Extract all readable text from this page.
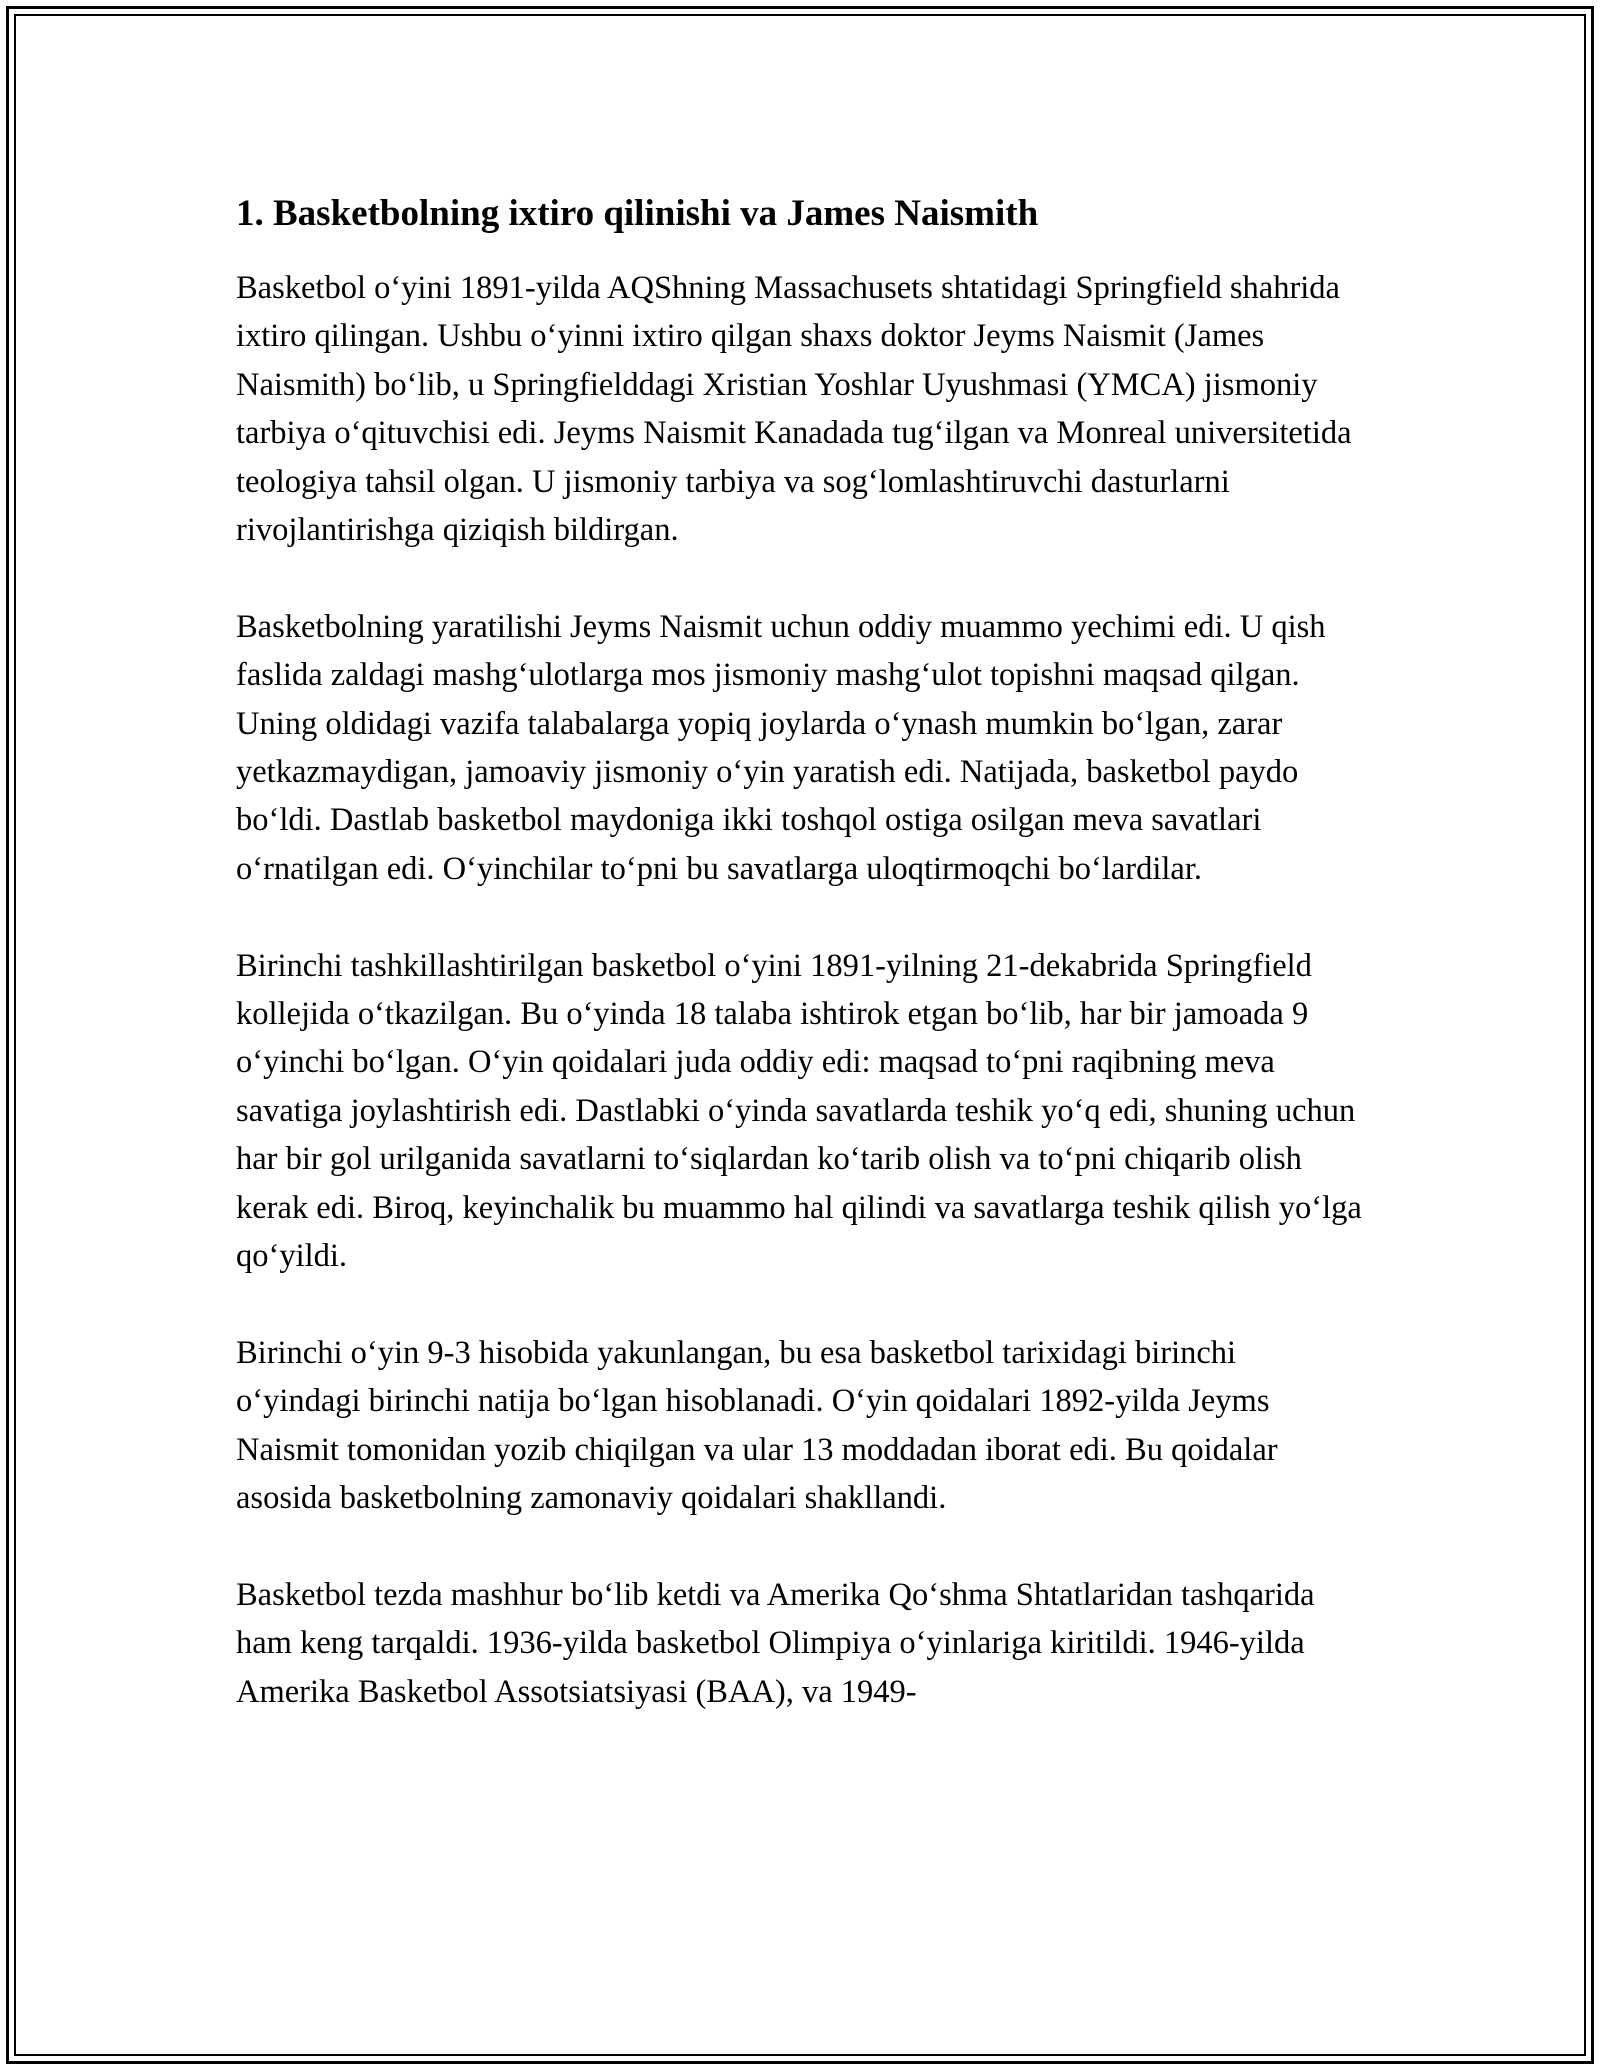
1. Basketbolning ixtiro qilinishi va James Naismith

Basketbol o‘yini 1891-yilda AQShning Massachusets shtatidagi Springfield shahrida ixtiro qilingan. Ushbu o‘yinni ixtiro qilgan shaxs doktor Jeyms Naismit (James Naismith) bo‘lib, u Springfielddagi Xristian Yoshlar Uyushmasi (YMCA) jismoniy tarbiya o‘qituvchisi edi. Jeyms Naismit Kanadada tug‘ilgan va Monreal universitetida teologiya tahsil olgan. U jismoniy tarbiya va sog‘lomlashtiruvchi dasturlarni rivojlantirishga qiziqish bildirgan.

Basketbolning yaratilishi Jeyms Naismit uchun oddiy muammo yechimi edi. U qish faslida zaldagi mashg‘ulotlarga mos jismoniy mashg‘ulot topishni maqsad qilgan. Uning oldidagi vazifa talabalarga yopiq joylarda o‘ynash mumkin bo‘lgan, zarar yetkazmaydigan, jamoaviy jismoniy o‘yin yaratish edi. Natijada, basketbol paydo bo‘ldi. Dastlab basketbol maydoniga ikki toshqol ostiga osilgan meva savatlari o‘rnatilgan edi. O‘yinchilar to‘pni bu savatlarga uloqtirmoqchi bo‘lardilar.

Birinchi tashkillashtirilgan basketbol o‘yini 1891-yilning 21-dekabrida Springfield kollejida o‘tkazilgan. Bu o‘yinda 18 talaba ishtirok etgan bo‘lib, har bir jamoada 9 o‘yinchi bo‘lgan. O‘yin qoidalari juda oddiy edi: maqsad to‘pni raqibning meva savatiga joylashtirish edi. Dastlabki o‘yinda savatlarda teshik yo‘q edi, shuning uchun har bir gol urilganida savatlarni to‘siqlardan ko‘tarib olish va to‘pni chiqarib olish kerak edi. Biroq, keyinchalik bu muammo hal qilindi va savatlarga teshik qilish yo‘lga qo‘yildi.

Birinchi o‘yin 9-3 hisobida yakunlangan, bu esa basketbol tarixidagi birinchi o‘yindagi birinchi natija bo‘lgan hisoblanadi. O‘yin qoidalari 1892-yilda Jeyms Naismit tomonidan yozib chiqilgan va ular 13 moddadan iborat edi. Bu qoidalar asosida basketbolning zamonaviy qoidalari shakllandi.

Basketbol tezda mashhur bo‘lib ketdi va Amerika Qo‘shma Shtatlaridan tashqarida ham keng tarqaldi. 1936-yilda basketbol Olimpiya o‘yinlariga kiritildi. 1946-yilda Amerika Basketbol Assotsiatsiyasi (BAA), va 1949-
